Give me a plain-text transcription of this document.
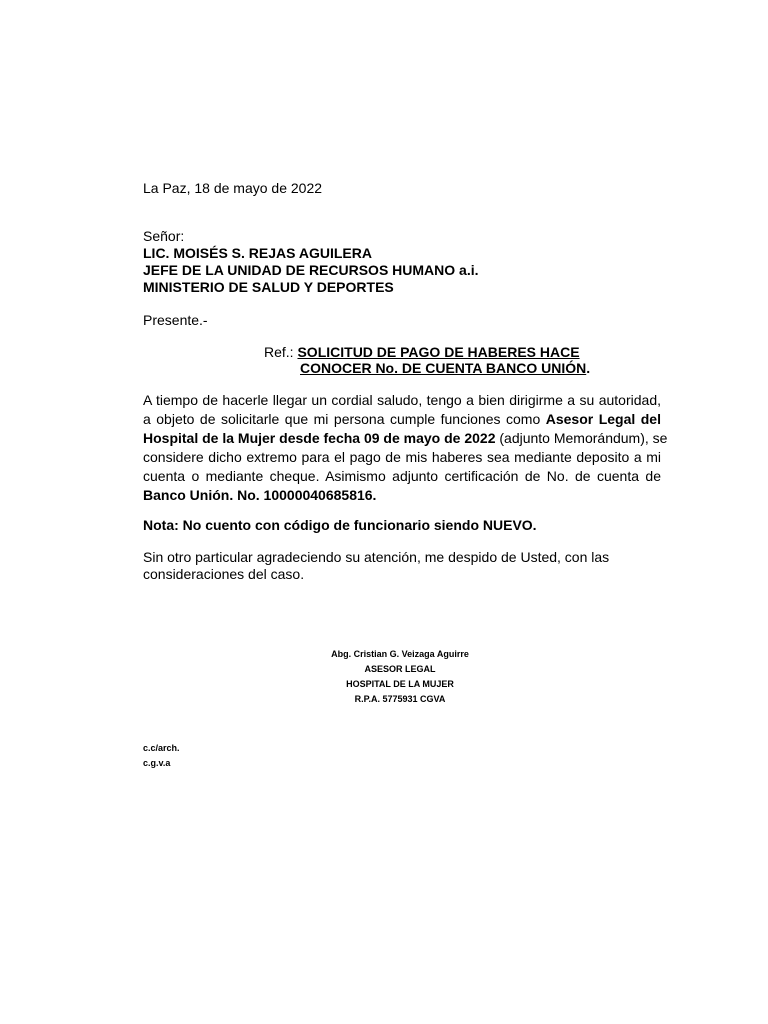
La Paz, 18 de mayo de 2022
Señor:
LIC. MOISÉS S. REJAS AGUILERA
JEFE DE LA UNIDAD DE RECURSOS HUMANO a.i.
MINISTERIO DE SALUD Y DEPORTES
Presente.-
Ref.: SOLICITUD DE PAGO DE HABERES HACE
CONOCER No. DE CUENTA BANCO UNIÓN.
A tiempo de hacerle llegar un cordial saludo, tengo a bien dirigirme a su autoridad,
a objeto de solicitarle que mi persona cumple funciones como Asesor Legal del
Hospital de la Mujer desde fecha 09 de mayo de 2022 (adjunto Memorándum), se
considere dicho extremo para el pago de mis haberes sea mediante deposito a mi
cuenta o mediante cheque. Asimismo adjunto certificación de No. de cuenta de
Banco Unión. No. 10000040685816.
Nota: No cuento con código de funcionario siendo NUEVO.
Sin otro particular agradeciendo su atención, me despido de Usted, con las
consideraciones del caso.
Abg. Cristian G. Veizaga Aguirre
ASESOR LEGAL
HOSPITAL DE LA MUJER
R.P.A. 5775931 CGVA
c.c/arch.
c.g.v.a
